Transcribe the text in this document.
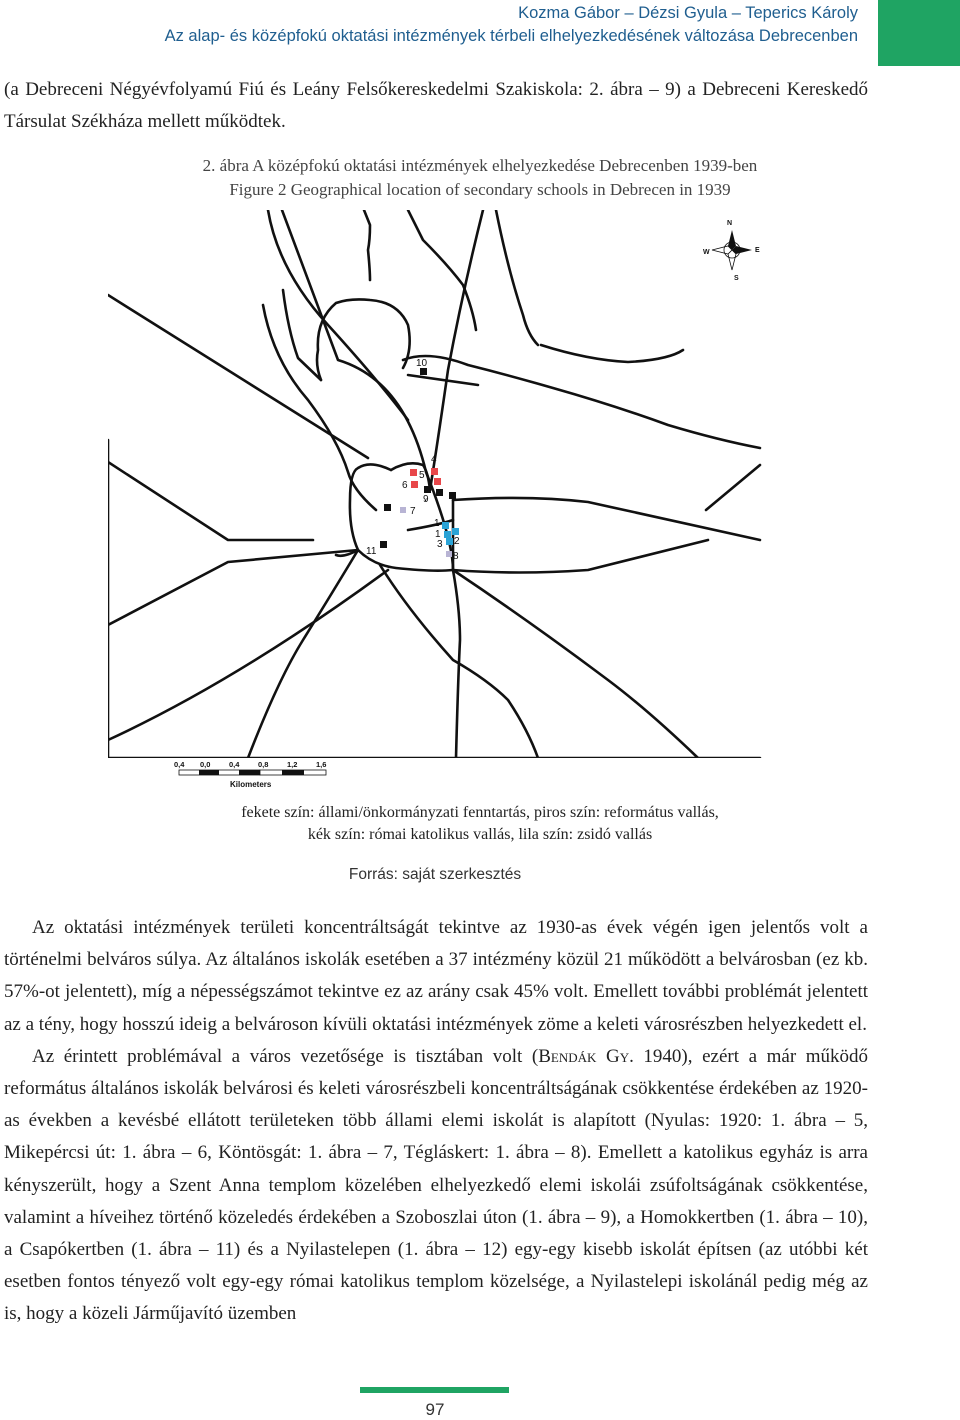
Kozma Gábor – Dézsi Gyula – Teperics Károly
Az alap- és középfokú oktatási intézmények térbeli elhelyezkedésének változása Debrecenben
(a Debreceni Négyévfolyamú Fiú és Leány Felsőkereskedelmi Szakiskola: 2. ábra – 9) a Debreceni Kereskedő Társulat Székháza mellett működtek.
2. ábra A középfokú oktatási intézmények elhelyezkedése Debrecenben 1939-ben
Figure 2 Geographical location of secondary schools in Debrecen in 1939
N
S
E
W
0,4 0,0 0,4 0,8 1,2 1,6
Kilometers
10
4
5
6
9
7
1
1
2
3
8
11
fekete szín: állami/önkormányzati fenntartás, piros szín: református vallás,
kék szín: római katolikus vallás, lila szín: zsidó vallás
Forrás: saját szerkesztés
Az oktatási intézmények területi koncentráltságát tekintve az 1930-as évek végén igen jelentős volt a történelmi belváros súlya. Az általános iskolák esetében a 37 intézmény közül 21 működött a belvárosban (ez kb. 57%-ot jelentett), míg a népességszámot tekintve ez az arány csak 45% volt. Emellett további problémát jelentett az a tény, hogy hosszú ideig a belvároson kívüli oktatási intézmények zöme a keleti városrészben helyezkedett el.
Az érintett problémával a város vezetősége is tisztában volt (Bendák Gy. 1940), ezért a már működő református általános iskolák belvárosi és keleti városrészbeli koncentráltságának csökkentése érdekében az 1920-as években a kevésbé ellátott területeken több állami elemi iskolát is alapított (Nyulas: 1920: 1. ábra – 5, Mikepércsi út: 1. ábra – 6, Köntösgát: 1. ábra – 7, Tégláskert: 1. ábra – 8). Emellett a katolikus egyház is arra kényszerült, hogy a Szent Anna templom közelében elhelyezkedő elemi iskolái zsúfoltságának csökkentése, valamint a híveihez történő közeledés érdekében a Szoboszlai úton (1. ábra – 9), a Homokkertben (1. ábra – 10), a Csapókertben (1. ábra – 11) és a Nyilastelepen (1. ábra – 12) egy-egy kisebb iskolát építsen (az utóbbi két esetben fontos tényező volt egy-egy római katolikus templom közelsége, a Nyilastelepi iskolánál pedig még az is, hogy a közeli Járműjavító üzemben
97
